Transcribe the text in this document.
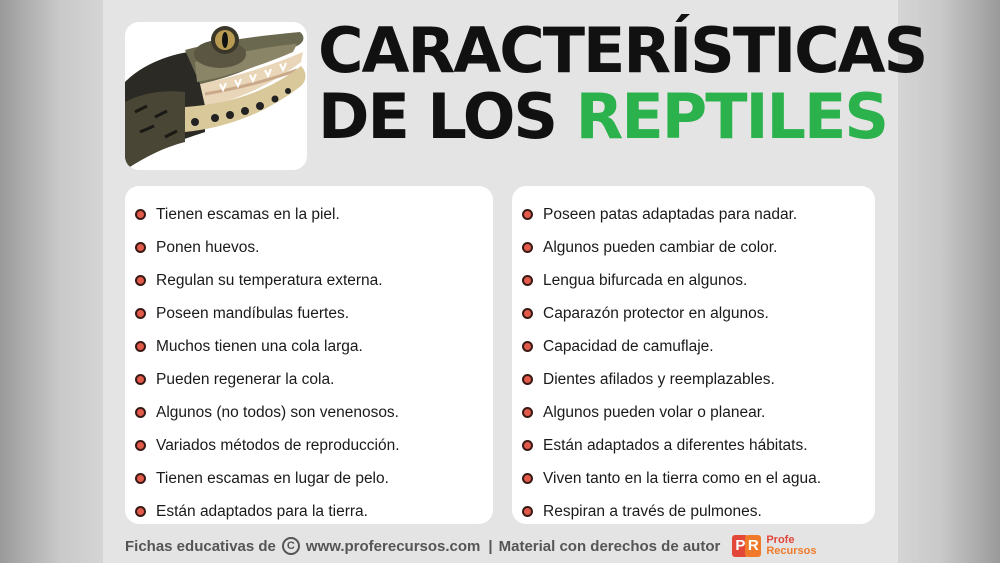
CARACTERÍSTICAS
DE LOS REPTILES
Tienen escamas en la piel.
Ponen huevos.
Regulan su temperatura externa.
Poseen mandíbulas fuertes.
Muchos tienen una cola larga.
Pueden regenerar la cola.
Algunos (no todos) son venenosos.
Variados métodos de reproducción.
Tienen escamas en lugar de pelo.
Están adaptados para la tierra.
Poseen patas adaptadas para nadar.
Algunos pueden cambiar de color.
Lengua bifurcada en algunos.
Caparazón protector en algunos.
Capacidad de camuflaje.
Dientes afilados y reemplazables.
Algunos pueden volar o planear.
Están adaptados a diferentes hábitats.
Viven tanto en la tierra como en el agua.
Respiran a través de pulmones.
Fichas educativas de	C www.proferecursos.com | Material con derechos de autor P R Profe
Recursos
